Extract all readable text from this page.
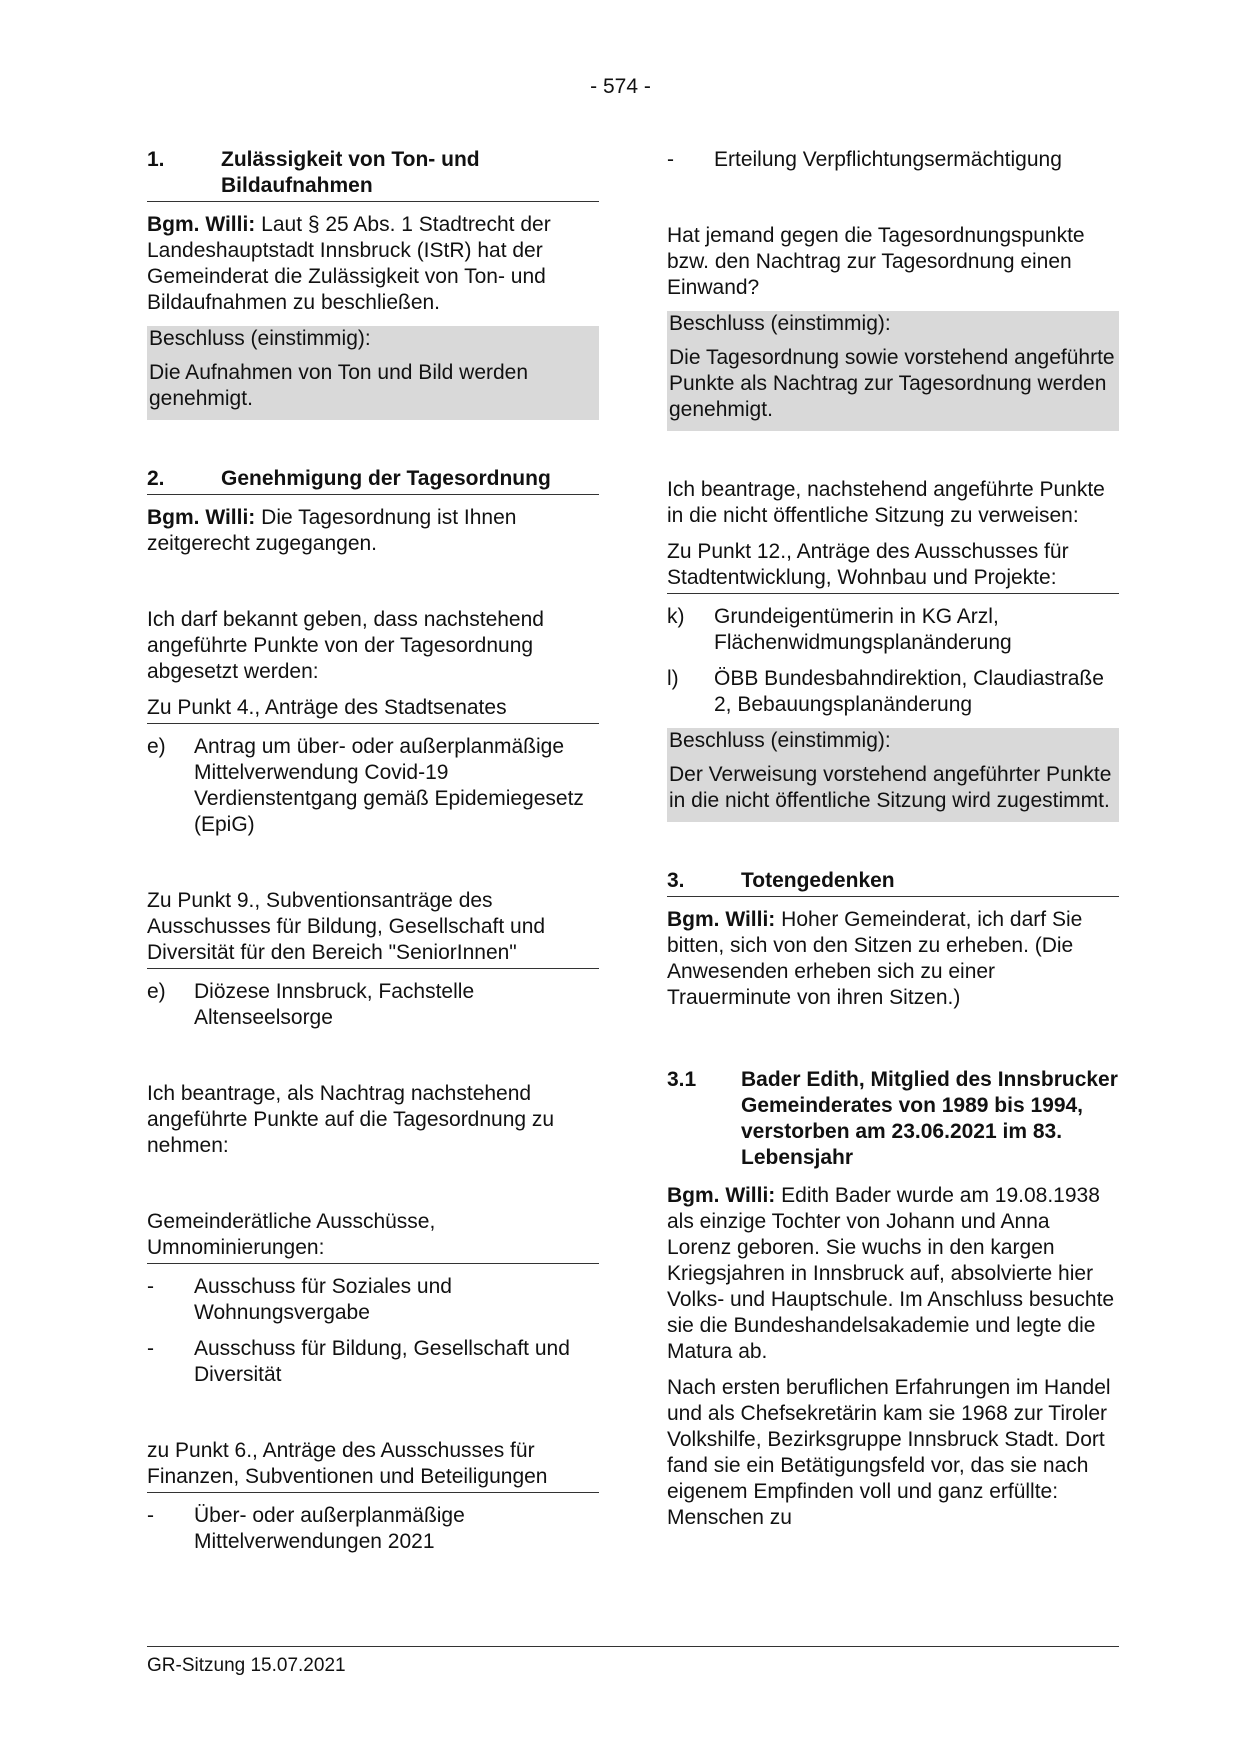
- 574 -
1.	Zulässigkeit von Ton- und Bildaufnahmen

Bgm. Willi: Laut § 25 Abs. 1 Stadtrecht der Landeshauptstadt Innsbruck (IStR) hat der Gemeinderat die Zulässigkeit von Ton- und Bildaufnahmen zu beschließen.

Beschluss (einstimmig):

Die Aufnahmen von Ton und Bild werden genehmigt.

2.	Genehmigung der Tagesordnung

Bgm. Willi: Die Tagesordnung ist Ihnen zeitgerecht zugegangen.

Ich darf bekannt geben, dass nachstehend angeführte Punkte von der Tagesordnung abgesetzt werden:

Zu Punkt 4., Anträge des Stadtsenates
e)	Antrag um über- oder außerplanmäßige Mittelverwendung Covid-19 Verdienstentgang gemäß Epidemiegesetz (EpiG)
Zu Punkt 9., Subventionsanträge des Ausschusses für Bildung, Gesellschaft und Diversität für den Bereich "SeniorInnen"
e)	Diözese Innsbruck, Fachstelle Altenseelsorge

Ich beantrage, als Nachtrag nachstehend angeführte Punkte auf die Tagesordnung zu nehmen:

Gemeinderätliche Ausschüsse, Umnominierungen:
-	Ausschuss für Soziales und Wohnungsvergabe
-	Ausschuss für Bildung, Gesellschaft und Diversität
zu Punkt 6., Anträge des Ausschusses für Finanzen, Subventionen und Beteiligungen
-	Über- oder außerplanmäßige Mittelverwendungen 2021
-	Erteilung Verpflichtungsermächtigung

Hat jemand gegen die Tagesordnungspunkte bzw. den Nachtrag zur Tagesordnung einen Einwand?

Beschluss (einstimmig):

Die Tagesordnung sowie vorstehend angeführte Punkte als Nachtrag zur Tagesordnung werden genehmigt.

Ich beantrage, nachstehend angeführte Punkte in die nicht öffentliche Sitzung zu verweisen:

Zu Punkt 12., Anträge des Ausschusses für Stadtentwicklung, Wohnbau und Projekte:
k)	Grundeigentümerin in KG Arzl, Flächenwidmungsplanänderung
l)	ÖBB Bundesbahndirektion, Claudiastraße 2, Bebauungsplanänderung

Beschluss (einstimmig):

Der Verweisung vorstehend angeführter Punkte in die nicht öffentliche Sitzung wird zugestimmt.

3.	Totengedenken

Bgm. Willi: Hoher Gemeinderat, ich darf Sie bitten, sich von den Sitzen zu erheben. (Die Anwesenden erheben sich zu einer Trauerminute von ihren Sitzen.)

3.1	Bader Edith, Mitglied des Innsbrucker Gemeinderates von 1989 bis 1994, verstorben am 23.06.2021 im 83. Lebensjahr

Bgm. Willi: Edith Bader wurde am 19.08.1938 als einzige Tochter von Johann und Anna Lorenz geboren. Sie wuchs in den kargen Kriegsjahren in Innsbruck auf, absolvierte hier Volks- und Hauptschule. Im Anschluss besuchte sie die Bundeshandelsakademie und legte die Matura ab.

Nach ersten beruflichen Erfahrungen im Handel und als Chefsekretärin kam sie 1968 zur Tiroler Volkshilfe, Bezirksgruppe Innsbruck Stadt. Dort fand sie ein Betätigungsfeld vor, das sie nach eigenem Empfinden voll und ganz erfüllte: Menschen zu

GR-Sitzung 15.07.2021
